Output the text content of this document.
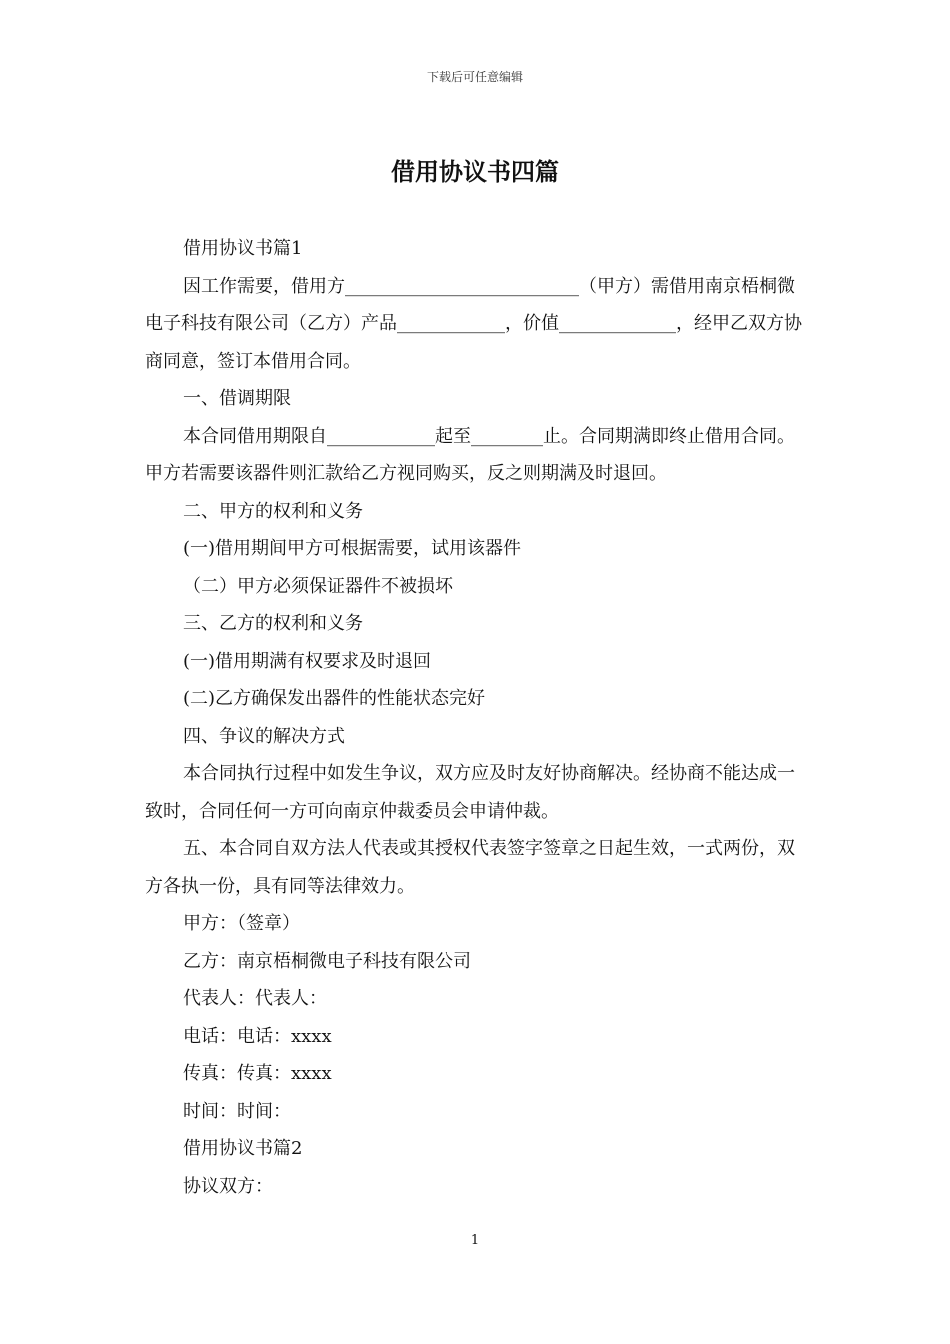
下载后可任意编辑
借用协议书四篇

借用协议书篇1

因工作需要，借用方__________________________（甲方）需借用南京梧桐微电子科技有限公司（乙方）产品____________，价值_____________，经甲乙双方协商同意，签订本借用合同。

一、借调期限

本合同借用期限自____________起至________止。合同期满即终止借用合同。甲方若需要该器件则汇款给乙方视同购买，反之则期满及时退回。

二、甲方的权利和义务

(一)借用期间甲方可根据需要，试用该器件

（二）甲方必须保证器件不被损坏

三、乙方的权利和义务

(一)借用期满有权要求及时退回

(二)乙方确保发出器件的性能状态完好

四、争议的解决方式

本合同执行过程中如发生争议，双方应及时友好协商解决。经协商不能达成一致时，合同任何一方可向南京仲裁委员会申请仲裁。

五、本合同自双方法人代表或其授权代表签字签章之日起生效，一式两份，双方各执一份，具有同等法律效力。

甲方：（签章）

乙方：南京梧桐微电子科技有限公司

代表人：代表人：

电话：电话：xxxx

传真：传真：xxxx

时间：时间：

借用协议书篇2

协议双方：

1
